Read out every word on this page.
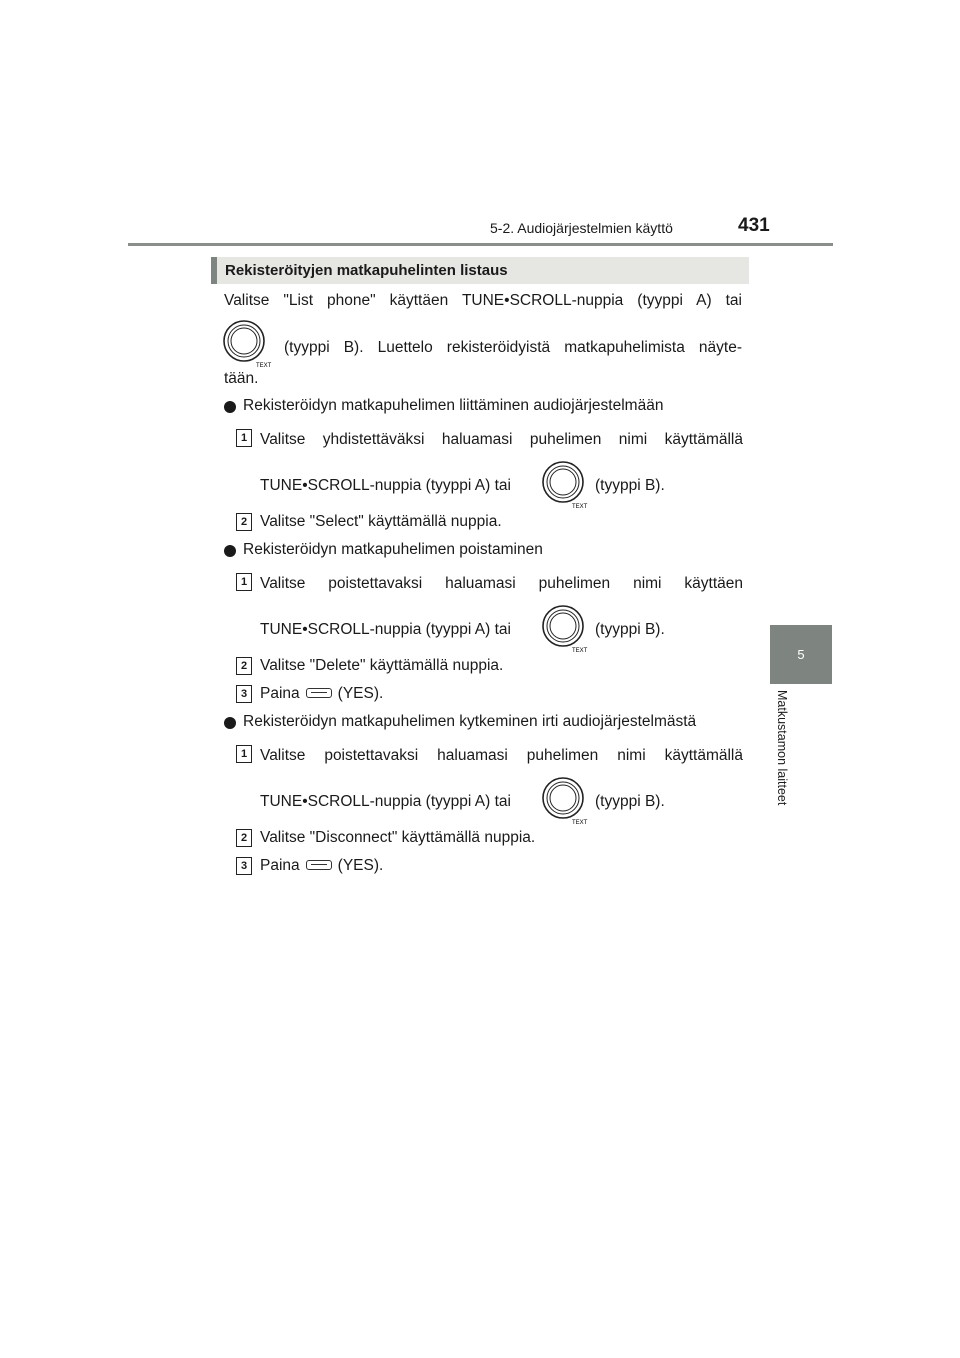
5-2. Audiojärjestelmien käyttö	431
5
Matkustamon laitteet
Rekisteröityjen matkapuhelinten listaus
Valitse "List phone" käyttäen TUNE•SCROLL-nuppia (tyyppi A) tai
TEXT
(tyyppi B). Luettelo rekisteröidyistä matkapuhelimista näyte-
tään.
Rekisteröidyn matkapuhelimen liittäminen audiojärjestelmään
1 Valitse yhdistettäväksi haluamasi puhelimen nimi käyttämällä
TUNE•SCROLL-nuppia (tyyppi A) tai
TEXT
(tyyppi B).
2 Valitse "Select" käyttämällä nuppia.
Rekisteröidyn matkapuhelimen poistaminen
1 Valitse poistettavaksi haluamasi puhelimen nimi käyttäen
TUNE•SCROLL-nuppia (tyyppi A) tai
TEXT
(tyyppi B).
2 Valitse "Delete" käyttämällä nuppia.
3 Paina (YES).
Rekisteröidyn matkapuhelimen kytkeminen irti audiojärjestelmästä
1 Valitse poistettavaksi haluamasi puhelimen nimi käyttämällä
TUNE•SCROLL-nuppia (tyyppi A) tai
TEXT
(tyyppi B).
2 Valitse "Disconnect" käyttämällä nuppia.
3 Paina (YES).
